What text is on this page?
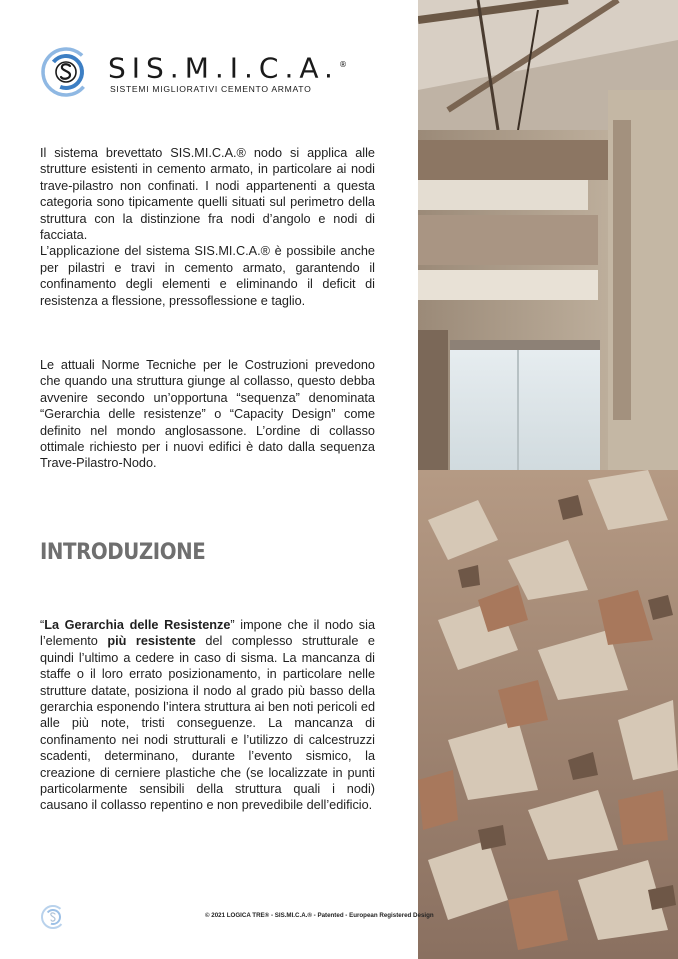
SIS.M.I.C.A.®
SISTEMI MIGLIORATIVI CEMENTO ARMATO

Il sistema brevettato SIS.MI.C.A.® nodo si applica alle strutture esistenti in cemento armato, in particolare ai nodi trave-pilastro non confinati. I nodi appartenenti a questa categoria sono tipicamente quelli situati sul perimetro della struttura con la distinzione fra nodi d’angolo e nodi di facciata.

L’applicazione del sistema SIS.MI.C.A.® è possibile anche per pilastri e travi in cemento armato, garantendo il confinamento degli elementi e eliminando il deficit di resistenza a flessione, pressoflessione e taglio.

Le attuali Norme Tecniche per le Costruzioni prevedono che quando una struttura giunge al collasso, questo debba avvenire secondo un’opportuna “sequenza” denominata “Gerarchia delle resistenze” o “Capacity Design” come definito nel mondo anglosassone. L’ordine di collasso ottimale richiesto per i nuovi edifici è dato dalla sequenza Trave-Pilastro-Nodo.

INTRODUZIONE

“La Gerarchia delle Resistenze” impone che il nodo sia l’elemento più resistente del complesso strutturale e quindi l’ultimo a cedere in caso di sisma. La mancanza di staffe o il loro errato posizionamento, in particolare nelle strutture datate, posiziona il nodo al grado più basso della gerarchia esponendo l’intera struttura ai ben noti pericoli ed alle più note, tristi conseguenze. La mancanza di confinamento nei nodi strutturali e l’utilizzo di calcestruzzi scadenti, determinano, durante l’evento sismico, la creazione di cerniere plastiche che (se localizzate in punti particolarmente sensibili della struttura quali i nodi) causano il collasso repentino e non prevedibile dell’edificio.

© 2021 LOGICA TRE® - SIS.MI.C.A.® - Patented - European Registered Design
